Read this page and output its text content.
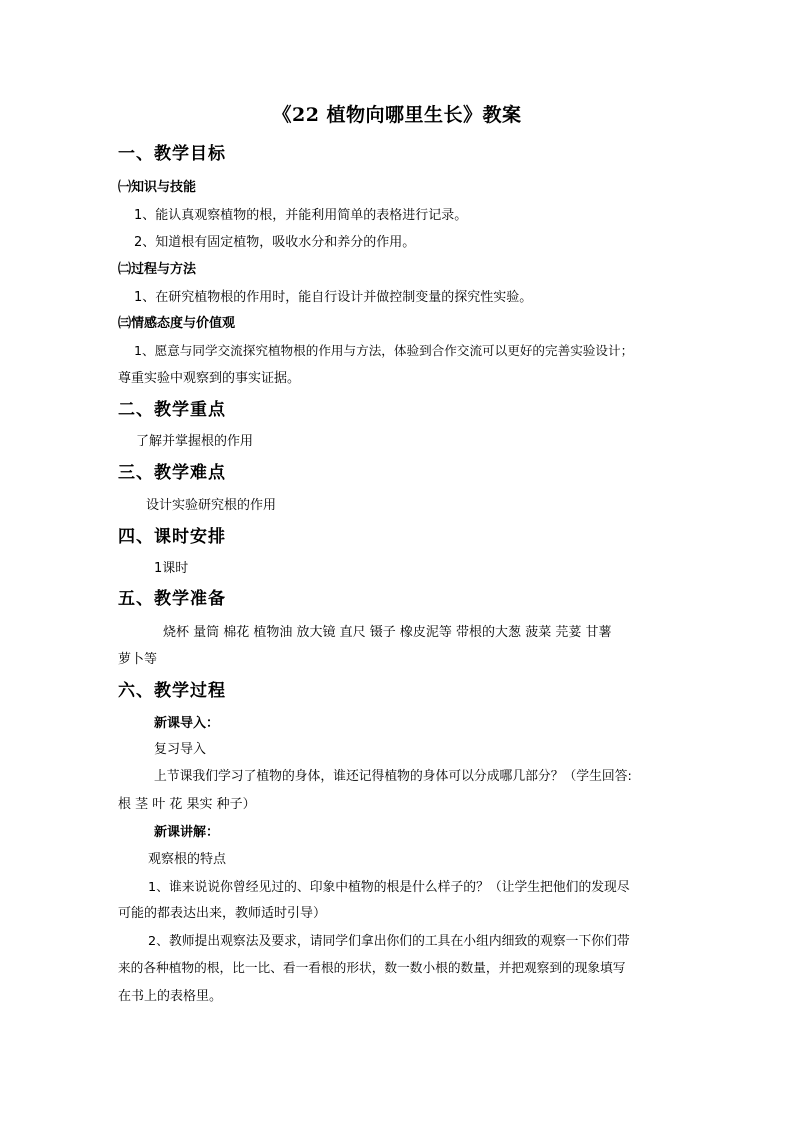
《22 植物向哪里生长》教案
一、教学目标
㈠知识与技能
1、能认真观察植物的根，并能利用简单的表格进行记录。
2、知道根有固定植物，吸收水分和养分的作用。
㈡过程与方法
1、在研究植物根的作用时，能自行设计并做控制变量的探究性实验。
㈢情感态度与价值观
1、愿意与同学交流探究植物根的作用与方法，体验到合作交流可以更好的完善实验设计；
尊重实验中观察到的事实证据。
二、教学重点
了解并掌握根的作用
三、教学难点
设计实验研究根的作用
四、课时安排
1课时
五、教学准备
烧杯 量筒 棉花 植物油 放大镜 直尺 镊子 橡皮泥等 带根的大葱 菠菜 芫荽 甘薯
萝卜等
六、教学过程
新课导入：
复习导入
上节课我们学习了植物的身体，谁还记得植物的身体可以分成哪几部分？（学生回答:
根 茎 叶 花 果实 种子）
新课讲解：
观察根的特点
1、谁来说说你曾经见过的、印象中植物的根是什么样子的？（让学生把他们的发现尽
可能的都表达出来，教师适时引导）
2、教师提出观察法及要求，请同学们拿出你们的工具在小组内细致的观察一下你们带
来的各种植物的根，比一比、看一看根的形状，数一数小根的数量，并把观察到的现象填写
在书上的表格里。
